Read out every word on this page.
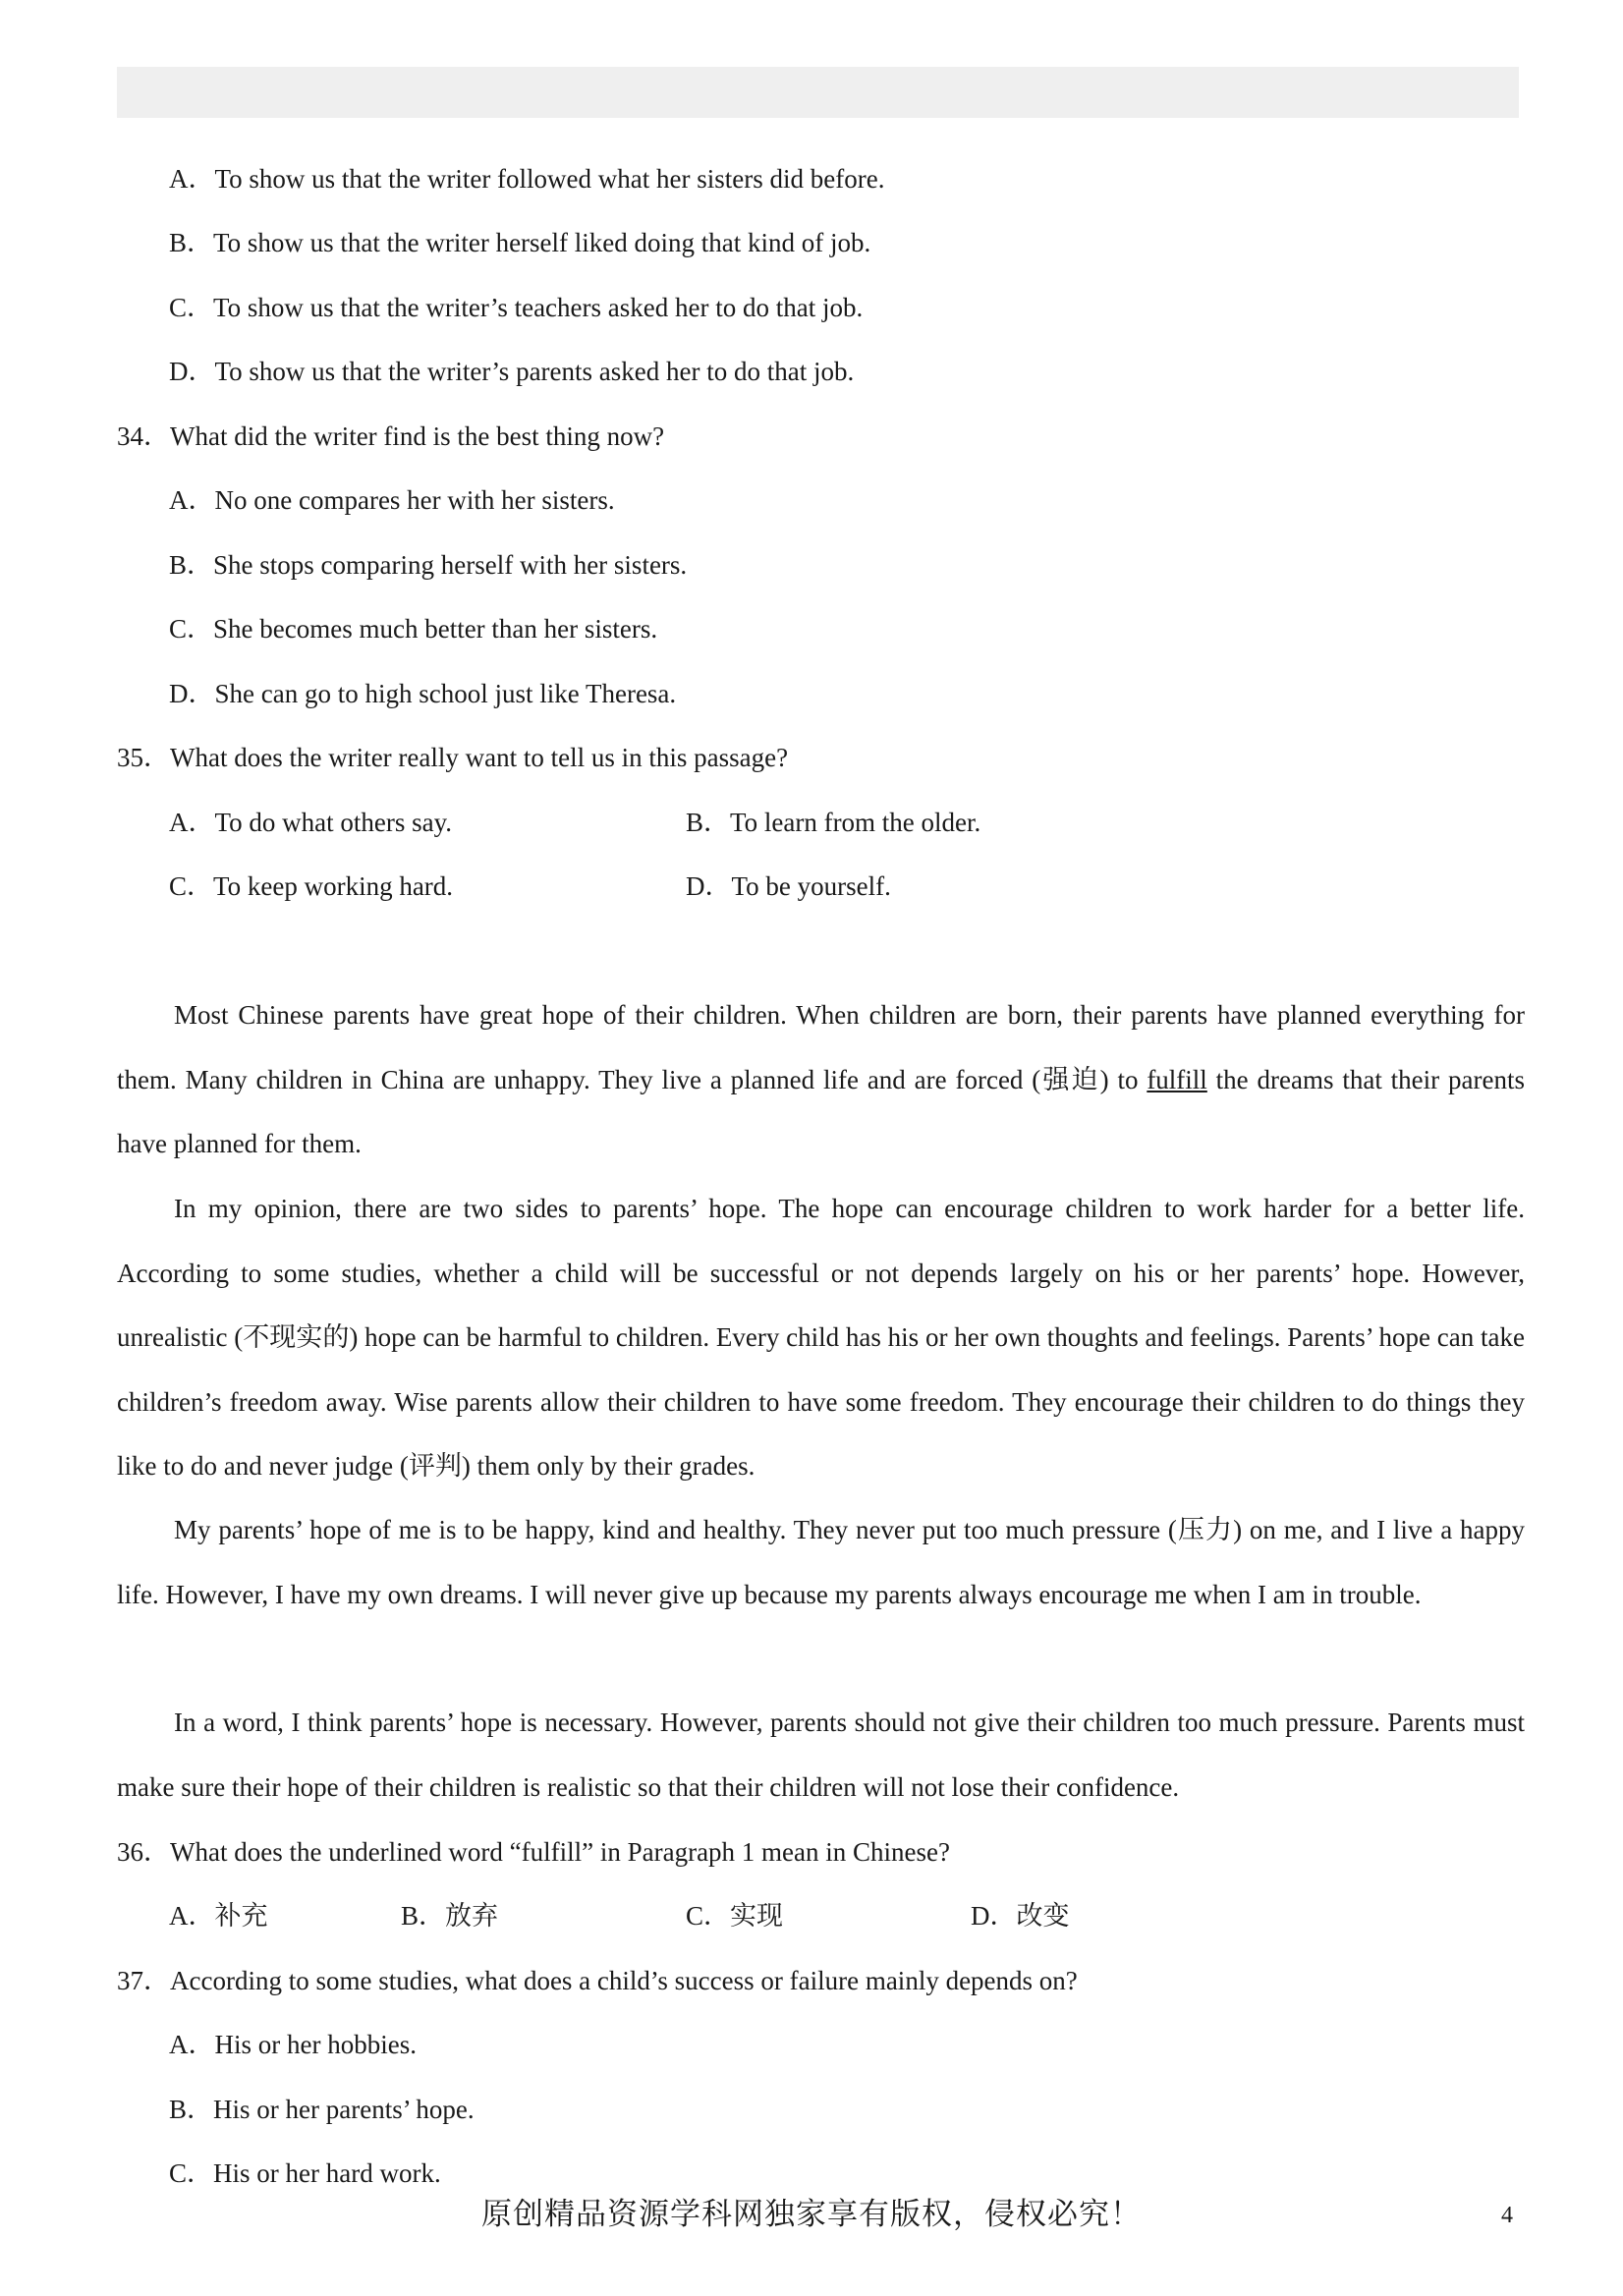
A．To show us that the writer followed what her sisters did before.
B．To show us that the writer herself liked doing that kind of job.
C．To show us that the writer’s teachers asked her to do that job.
D．To show us that the writer’s parents asked her to do that job.
34．What did the writer find is the best thing now?
A．No one compares her with her sisters.
B．She stops comparing herself with her sisters.
C．She becomes much better than her sisters.
D．She can go to high school just like Theresa.
35．What does the writer really want to tell us in this passage?
A．To do what others say.	B．To learn from the older.
C．To keep working hard.	D．To be yourself.
Most Chinese parents have great hope of their children. When children are born, their parents have planned everything for them. Many children in China are unhappy. They live a planned life and are forced (强迫) to fulfill the dreams that their parents have planned for them.
In my opinion, there are two sides to parents’ hope. The hope can encourage children to work harder for a better life. According to some studies, whether a child will be successful or not depends largely on his or her parents’ hope. However, unrealistic (不现实的) hope can be harmful to children. Every child has his or her own thoughts and feelings. Parents’ hope can take children’s freedom away. Wise parents allow their children to have some freedom. They encourage their children to do things they like to do and never judge (评判) them only by their grades.
My parents’ hope of me is to be happy, kind and healthy. They never put too much pressure (压力) on me, and I live a happy life. However, I have my own dreams. I will never give up because my parents always encourage me when I am in trouble.
In a word, I think parents’ hope is necessary. However, parents should not give their children too much pressure. Parents must make sure their hope of their children is realistic so that their children will not lose their confidence.
36．What does the underlined word “fulfill” in Paragraph 1 mean in Chinese?
A．补充	B．放弃	C．实现	D．改变
37．According to some studies, what does a child’s success or failure mainly depends on?
A．His or her hobbies.
B．His or her parents’ hope.
C．His or her hard work.
原创精品资源学科网独家享有版权，侵权必究！	4
